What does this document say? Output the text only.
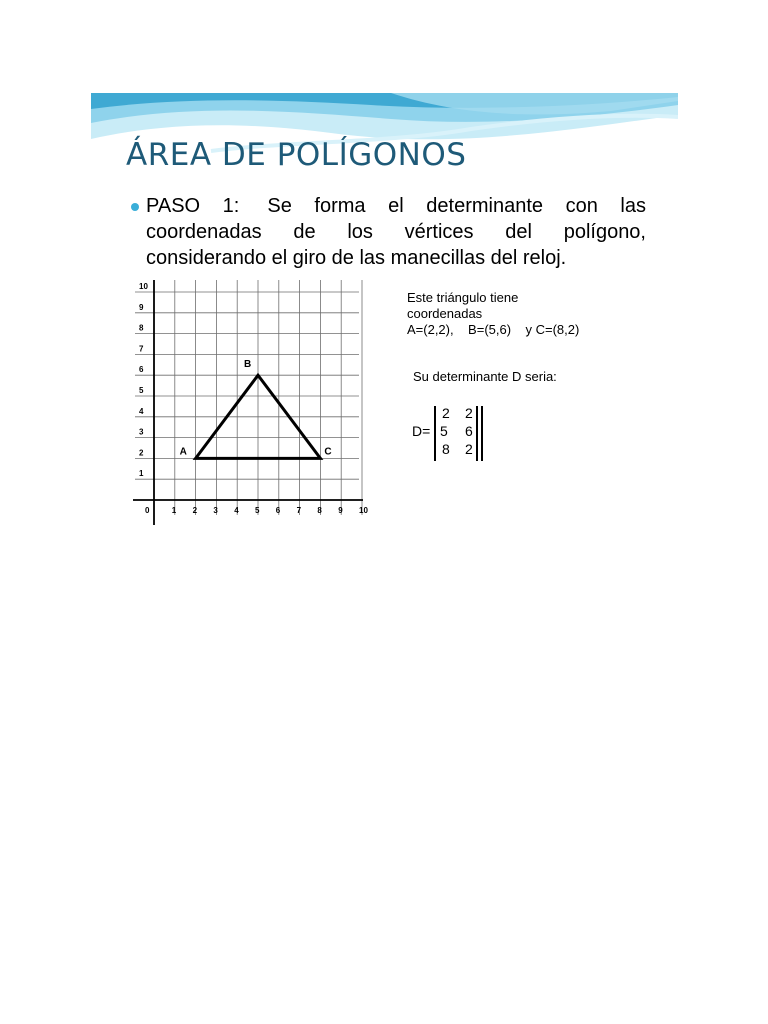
ÁREA DE POLÍGONOS
PASO 1: Se forma el determinante con las
coordenadas de los vértices del polígono,
considerando el giro de las manecillas del reloj.
0	1 2 3 4 5 6 7 8 9 10
1
2
3
4
5
6
7
8
9
10
A
B
C
Este triángulo tiene
coordenadas
A=(2,2),    B=(5,6)    y C=(8,2)
Su determinante D seria:
D=
2 2
5 6
8 2
